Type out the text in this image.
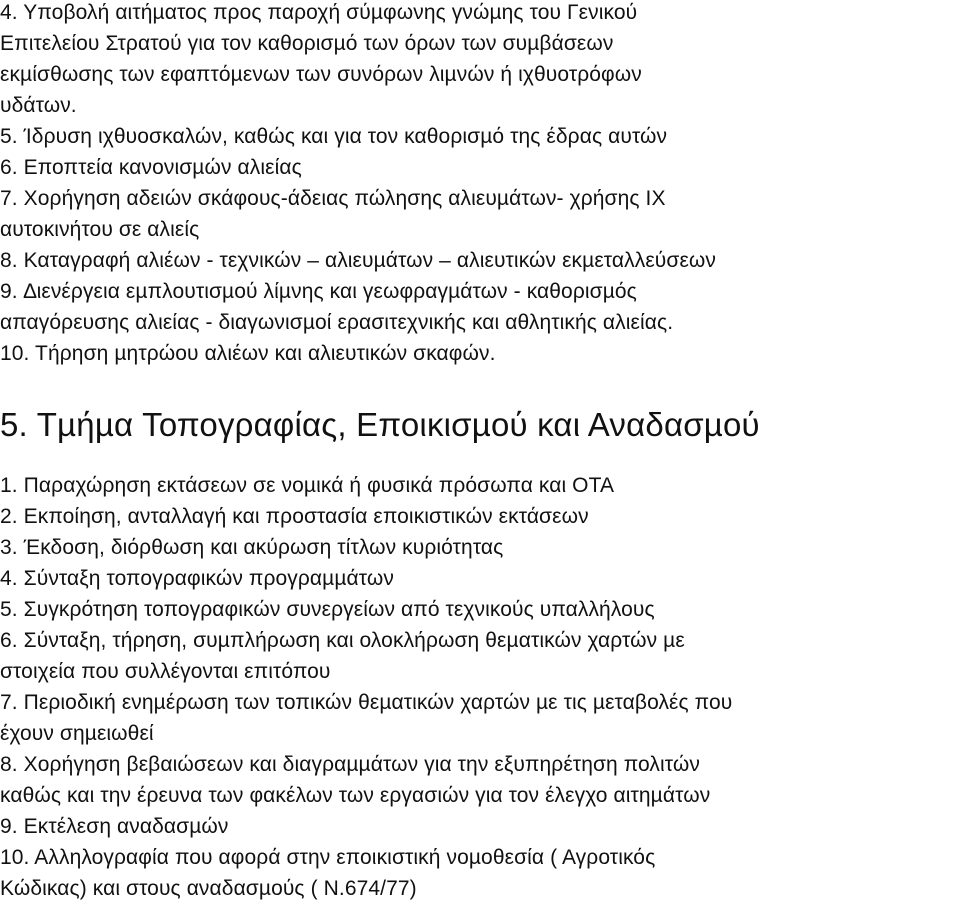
4. Υποβολή αιτήµατος προς παροχή σύµφωνης γνώµης του Γενικού
Επιτελείου Στρατού για τον καθορισµό των όρων των συµβάσεων
εκµίσθωσης των εφαπτόµενων των συνόρων λιµνών ή ιχθυοτρόφων
υδάτων.
5. Ίδρυση ιχθυοσκαλών, καθώς και για τον καθορισµό της έδρας αυτών
6. Εποπτεία κανονισµών αλιείας
7. Χορήγηση αδειών σκάφους-άδειας πώλησης αλιευµάτων- χρήσης ΙΧ
αυτοκινήτου σε αλιείς
8. Καταγραφή αλιέων - τεχνικών – αλιευµάτων – αλιευτικών εκµεταλλεύσεων
9. ∆ιενέργεια εµπλουτισµού λίµνης και γεωφραγµάτων - καθορισµός
απαγόρευσης αλιείας - διαγωνισµοί ερασιτεχνικής και αθλητικής αλιείας.
10. Τήρηση µητρώου αλιέων και αλιευτικών σκαφών.
5. Τµήµα Τοπογραφίας, Εποικισµού και Αναδασµού
1. Παραχώρηση εκτάσεων σε νοµικά ή φυσικά πρόσωπα και ΟΤΑ
2. Εκποίηση, ανταλλαγή και προστασία εποικιστικών εκτάσεων
3. Έκδοση, διόρθωση και ακύρωση τίτλων κυριότητας
4. Σύνταξη τοπογραφικών προγραµµάτων
5. Συγκρότηση τοπογραφικών συνεργείων από τεχνικούς υπαλλήλους
6. Σύνταξη, τήρηση, συµπλήρωση και ολοκλήρωση θεµατικών χαρτών µε
στοιχεία που συλλέγονται επιτόπου
7. Περιοδική ενηµέρωση των τοπικών θεµατικών χαρτών µε τις µεταβολές που
έχουν σηµειωθεί
8. Χορήγηση βεβαιώσεων και διαγραµµάτων για την εξυπηρέτηση πολιτών
καθώς και την έρευνα των φακέλων των εργασιών για τον έλεγχο αιτηµάτων
9. Εκτέλεση αναδασµών
10. Αλληλογραφία που αφορά στην εποικιστική νοµοθεσία ( Αγροτικός
Κώδικας) και στους αναδασµούς ( Ν.674/77)
